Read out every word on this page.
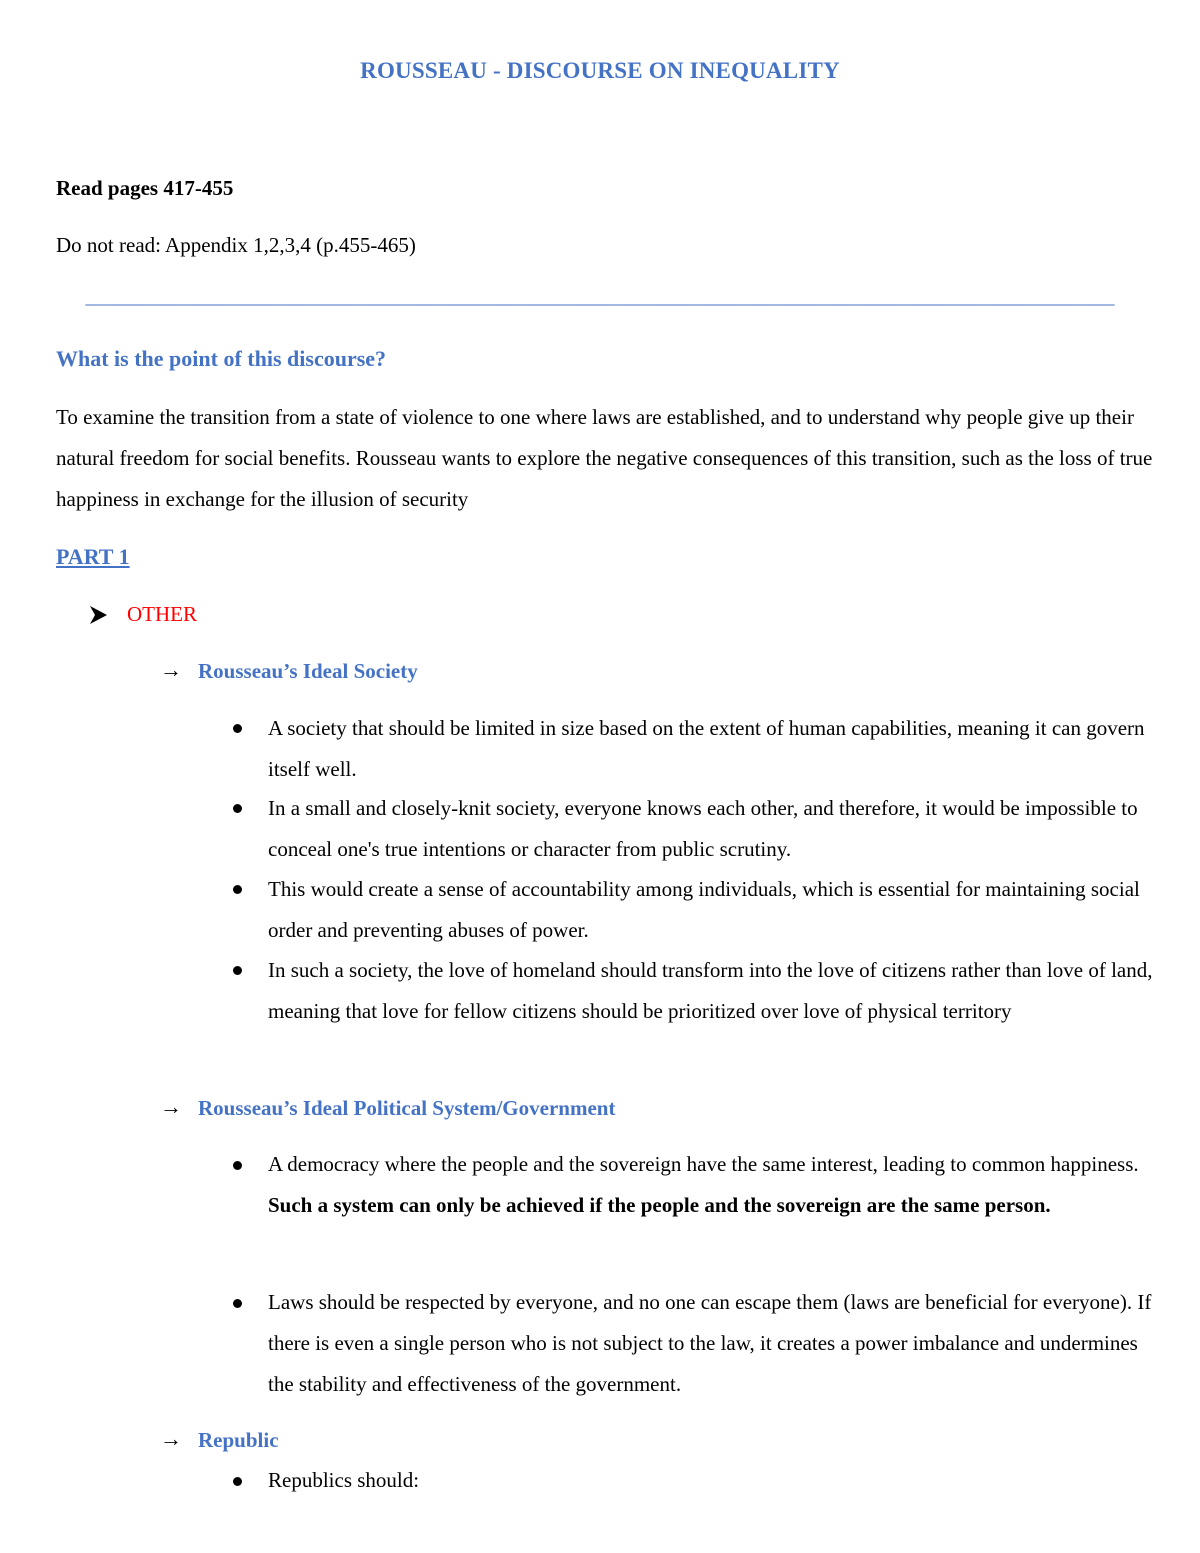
ROUSSEAU - DISCOURSE ON INEQUALITY

Read pages 417-455

Do not read: Appendix 1,2,3,4 (p.455-465)

—————————————————————————————————————————————————
What is the point of this discourse?

To examine the transition from a state of violence to one where laws are established, and to understand why people give up their natural freedom for social benefits. Rousseau wants to explore the negative consequences of this transition, such as the loss of true happiness in exchange for the illusion of security

PART 1
OTHER
→ Rousseau’s Ideal Society

A society that should be limited in size based on the extent of human capabilities, meaning it can govern itself well.

In a small and closely-knit society, everyone knows each other, and therefore, it would be impossible to conceal one's true intentions or character from public scrutiny.

This would create a sense of accountability among individuals, which is essential for maintaining social order and preventing abuses of power.

In such a society, the love of homeland should transform into the love of citizens rather than love of land, meaning that love for fellow citizens should be prioritized over love of physical territory

→ Rousseau’s Ideal Political System/Government

A democracy where the people and the sovereign have the same interest, leading to common happiness. Such a system can only be achieved if the people and the sovereign are the same person.

Laws should be respected by everyone, and no one can escape them (laws are beneficial for everyone). If there is even a single person who is not subject to the law, it creates a power imbalance and undermines the stability and effectiveness of the government.

→ Republic

Republics should:
